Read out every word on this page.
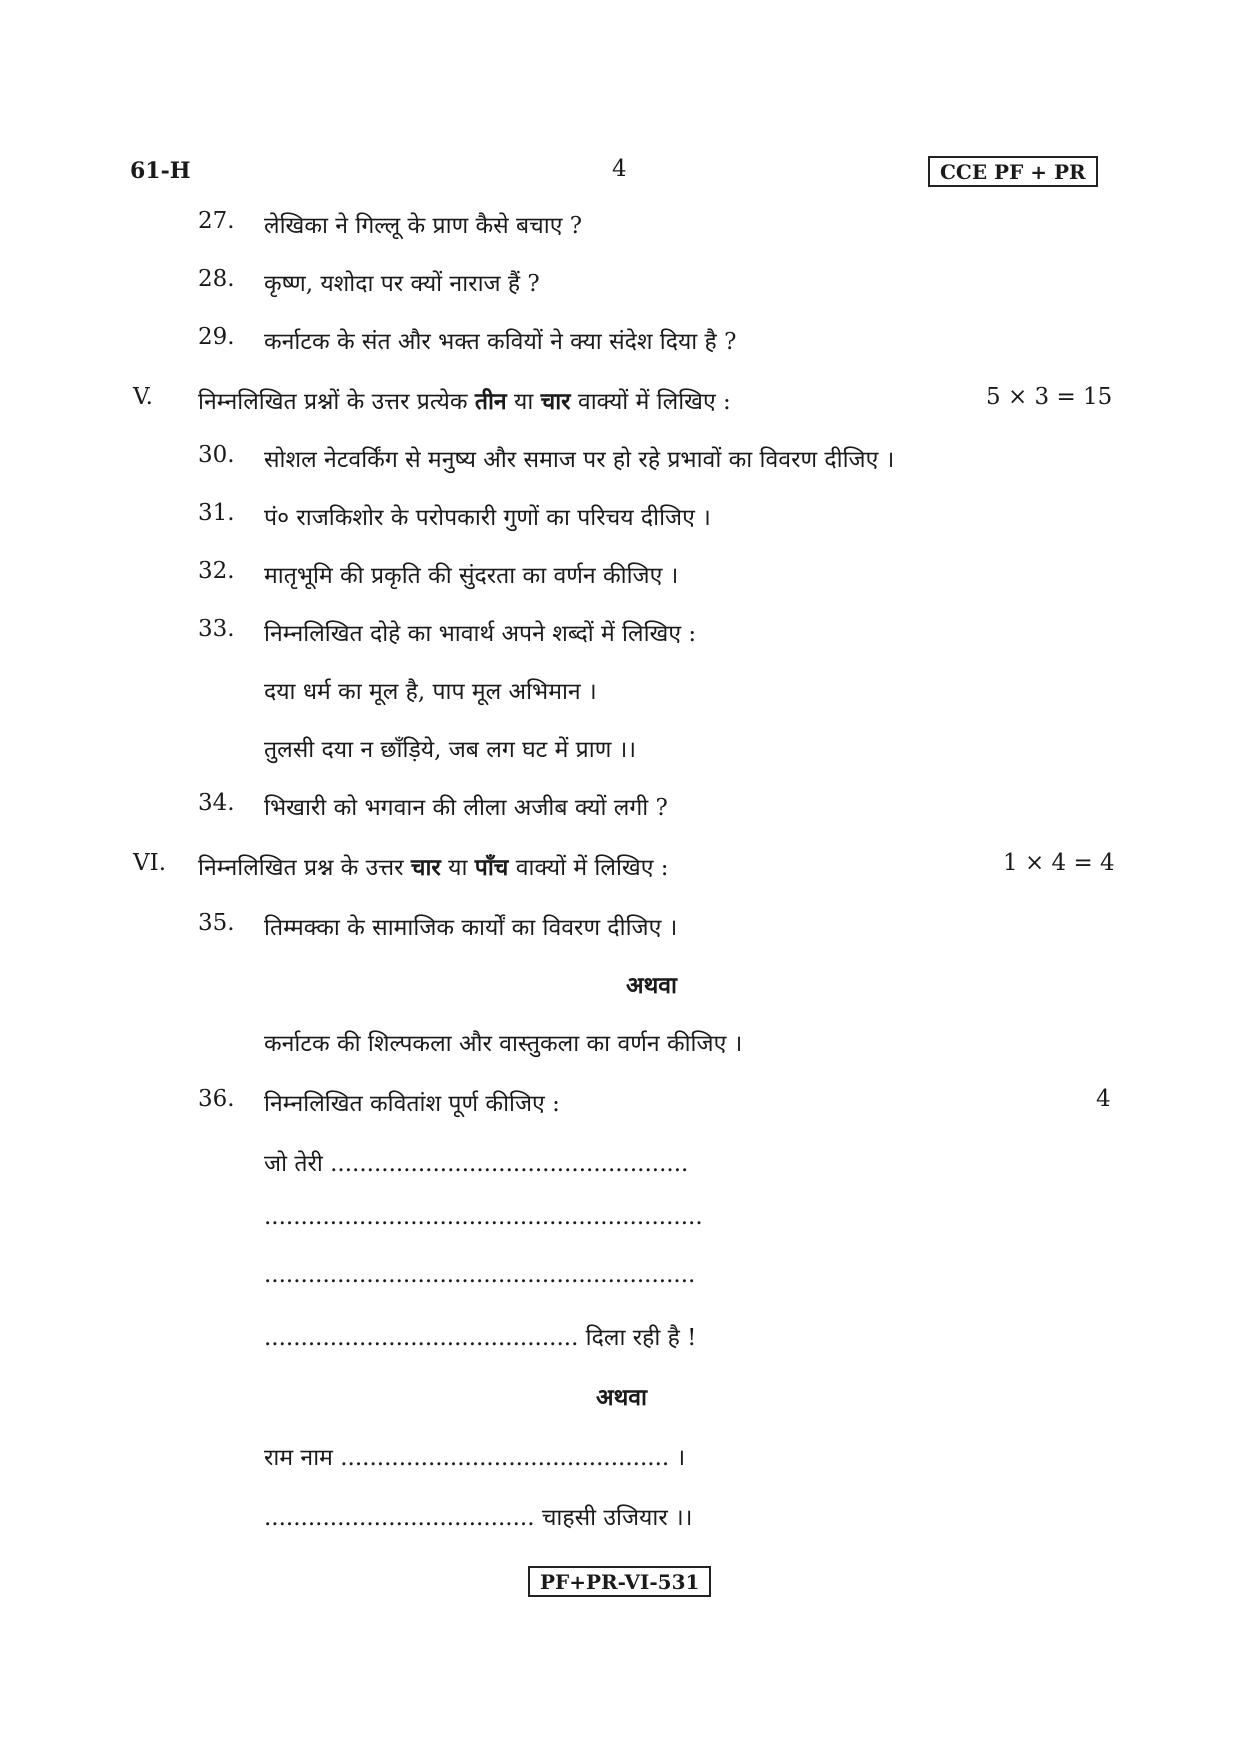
61-H	4	CCE PF + PR
27. लेखिका ने गिल्लू के प्राण कैसे बचाए ?
28. कृष्ण, यशोदा पर क्यों नाराज हैं ?
29. कर्नाटक के संत और भक्त कवियों ने क्या संदेश दिया है ?
V. निम्नलिखित प्रश्नों के उत्तर प्रत्येक तीन या चार वाक्यों में लिखिए :	5 × 3 = 15
30. सोशल नेटवर्किंग से मनुष्य और समाज पर हो रहे प्रभावों का विवरण दीजिए ।
31. पं० राजकिशोर के परोपकारी गुणों का परिचय दीजिए ।
32. मातृभूमि की प्रकृति की सुंदरता का वर्णन कीजिए ।
33. निम्नलिखित दोहे का भावार्थ अपने शब्दों में लिखिए :
दया धर्म का मूल है, पाप मूल अभिमान ।
तुलसी दया न छाँड़िये, जब लग घट में प्राण ।।
34. भिखारी को भगवान की लीला अजीब क्यों लगी ?
VI. निम्नलिखित प्रश्न के उत्तर चार या पाँच वाक्यों में लिखिए :	1 × 4 = 4
35. तिम्मक्का के सामाजिक कार्यों का विवरण दीजिए ।
अथवा
कर्नाटक की शिल्पकला और वास्तुकला का वर्णन कीजिए ।
36. निम्नलिखित कवितांश पूर्ण कीजिए :	4
जो तेरी .................................................
............................................................
...........................................................
........................................... दिला रही है !
अथवा
राम नाम ............................................. ।
..................................... चाहसी उजियार ।।
PF+PR-VI-531
